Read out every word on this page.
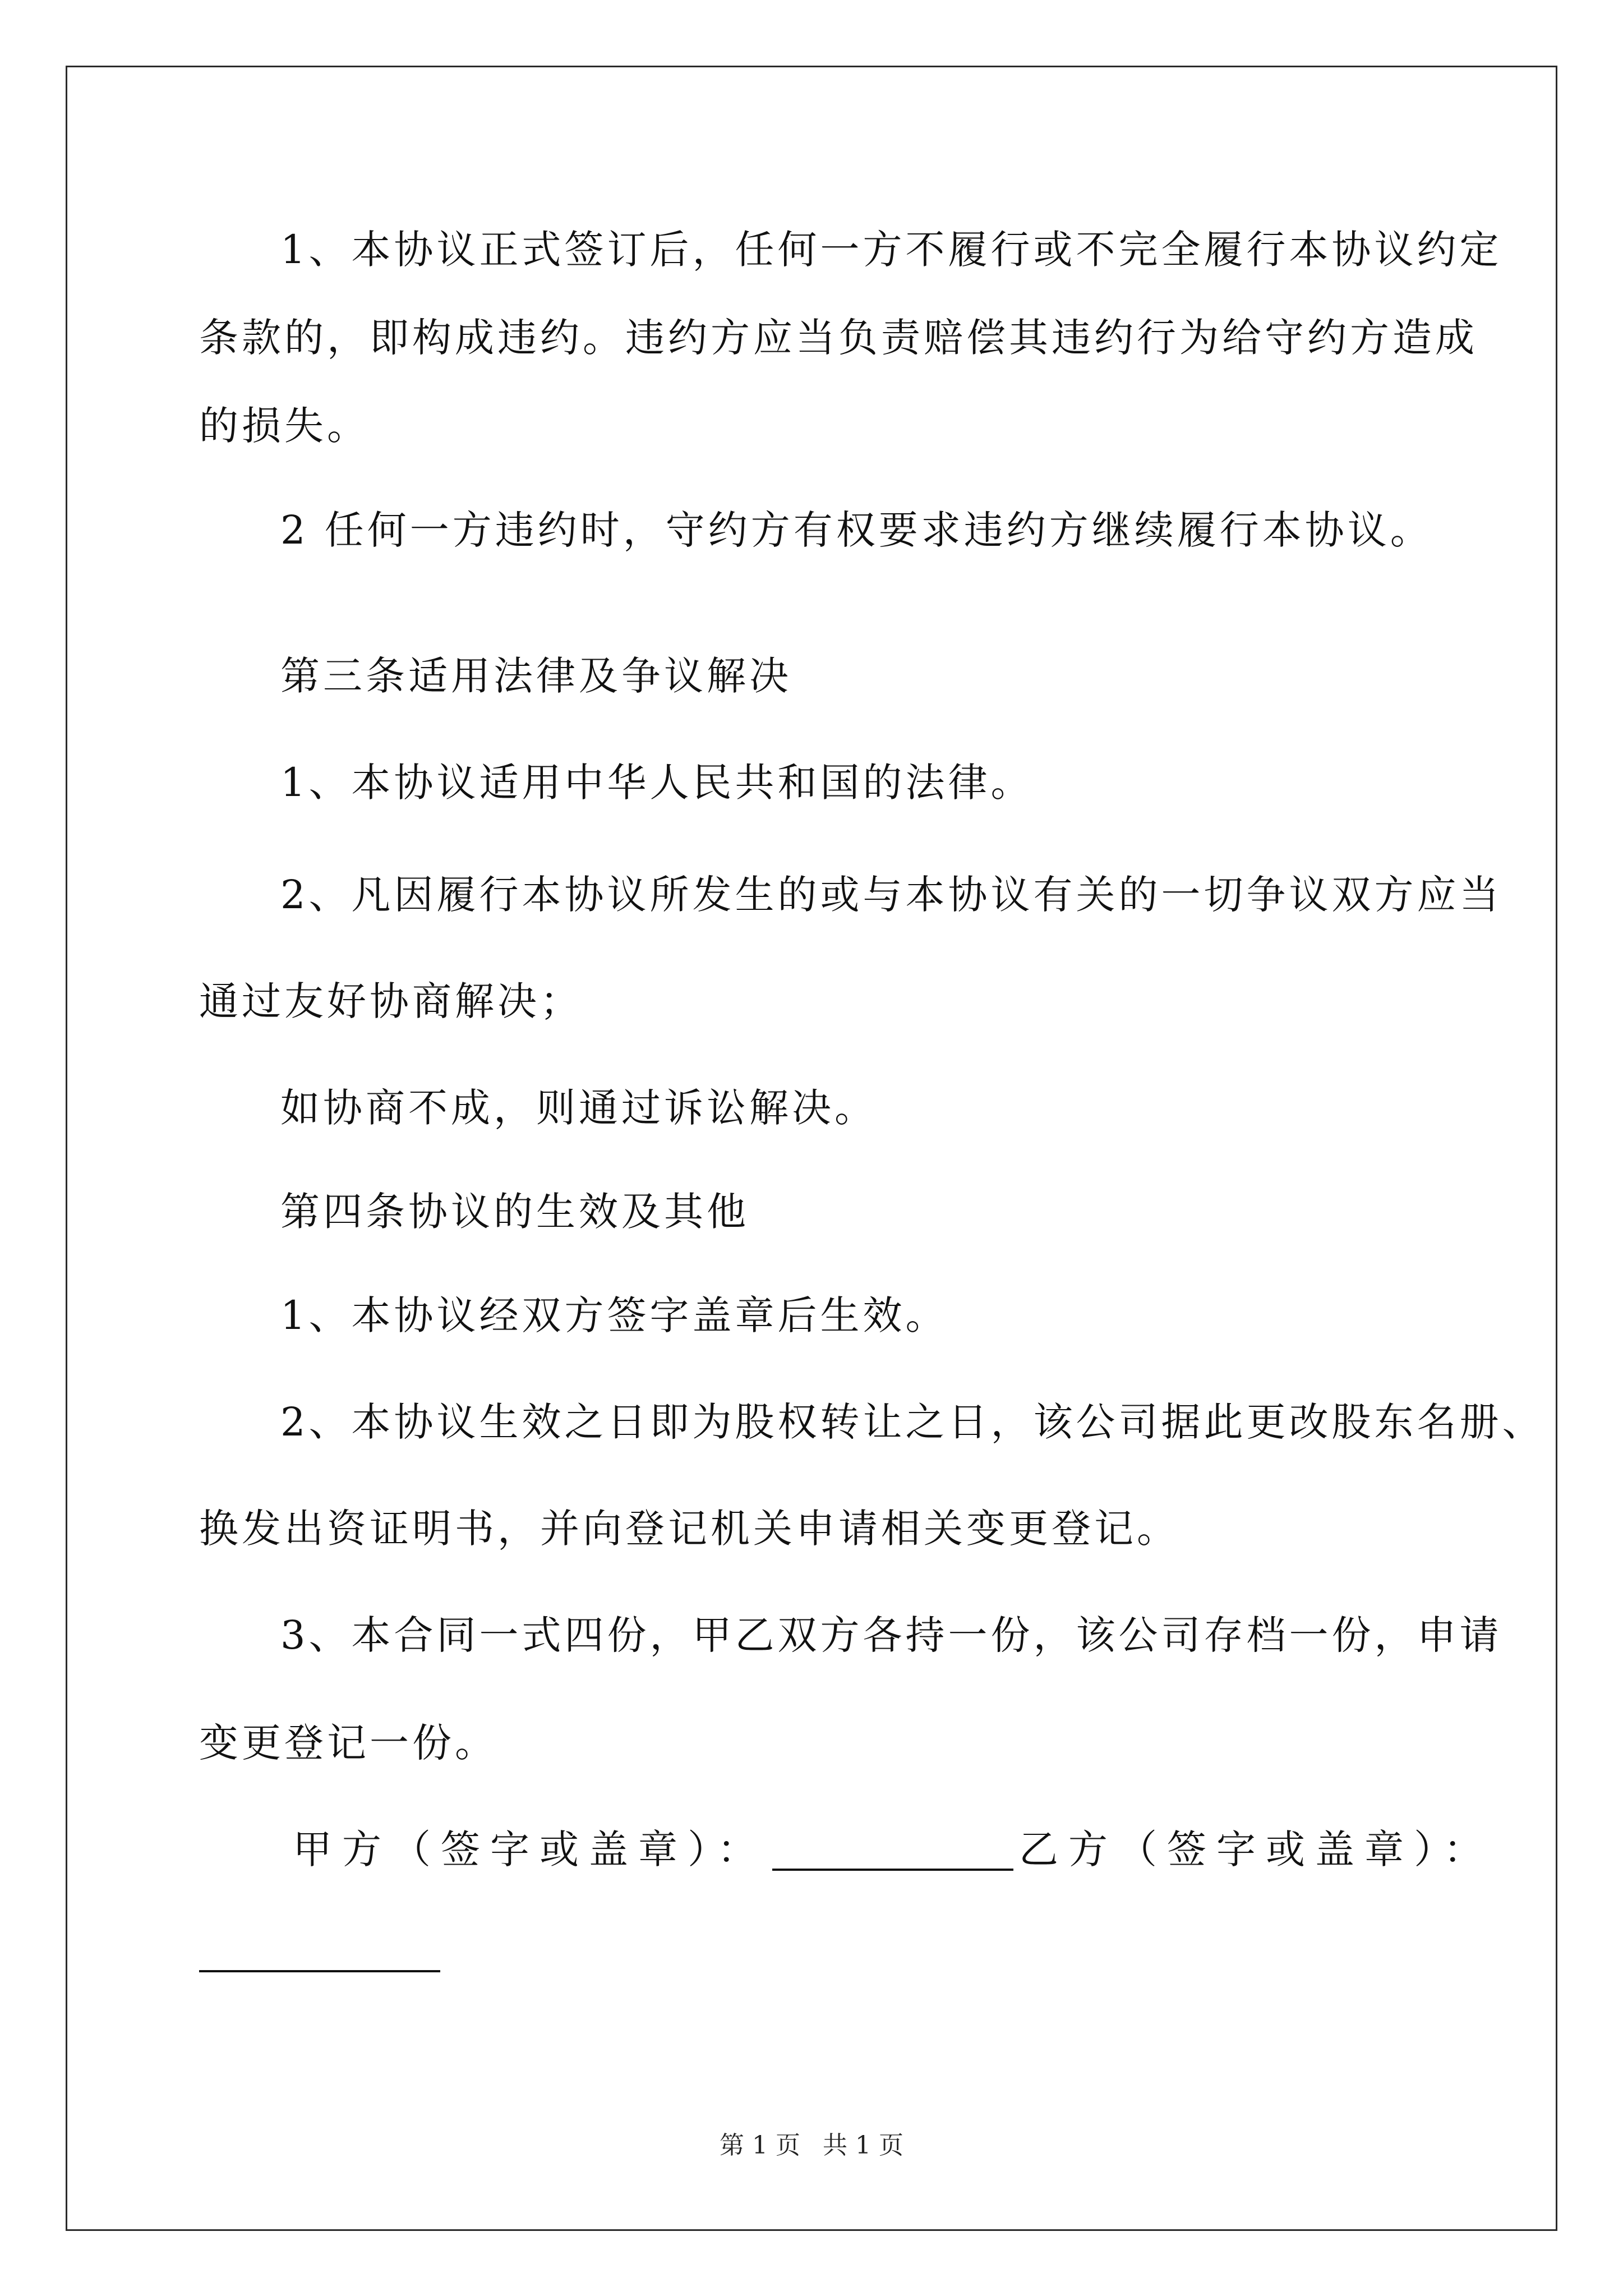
1、本协议正式签订后，任何一方不履行或不完全履行本协议约定

条款的，即构成违约。违约方应当负责赔偿其违约行为给守约方造成

的损失。

2 任何一方违约时，守约方有权要求违约方继续履行本协议。

第三条适用法律及争议解决

1、本协议适用中华人民共和国的法律。

2、凡因履行本协议所发生的或与本协议有关的一切争议双方应当

通过友好协商解决；

如协商不成，则通过诉讼解决。

第四条协议的生效及其他

1、本协议经双方签字盖章后生效。

2、本协议生效之日即为股权转让之日，该公司据此更改股东名册、

换发出资证明书，并向登记机关申请相关变更登记。

3、本合同一式四份，甲乙双方各持一份，该公司存档一份，申请

变更登记一份。

甲方（签字或盖章）：	乙方（签字或盖章）：
第 1 页 共 1 页
